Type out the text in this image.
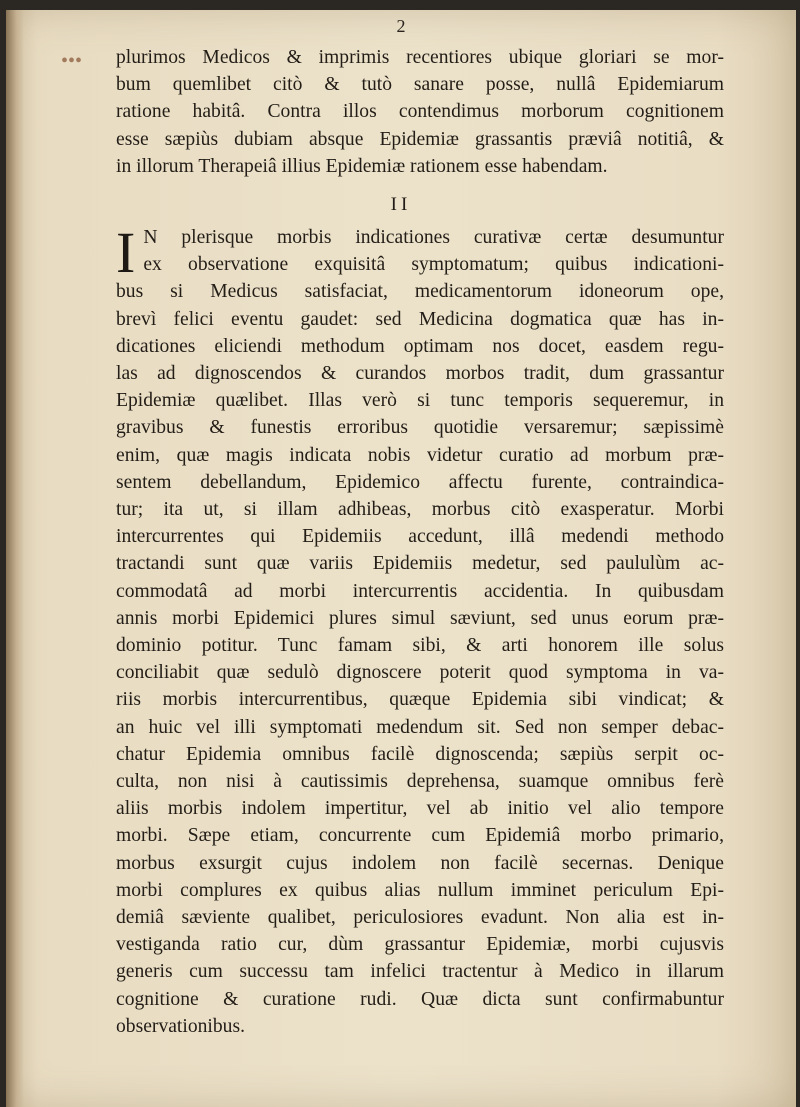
2
••• plurimos Medicos & imprimis recentiores ubique gloriari se mor-
bum quemlibet citò & tutò sanare posse, nullâ Epidemiarum
ratione habitâ. Contra illos contendimus morborum cognitionem
esse sæpiùs dubiam absque Epidemiæ grassantis præviâ notitiâ, &
in illorum Therapeiâ illius Epidemiæ rationem esse habendam.
II
I N plerisque morbis indicationes curativæ certæ desumuntur
ex observatione exquisitâ symptomatum; quibus indicationi-
bus si Medicus satisfaciat, medicamentorum idoneorum ope,
brevì felici eventu gaudet: sed Medicina dogmatica quæ has in-
dicationes eliciendi methodum optimam nos docet, easdem regu-
las ad dignoscendos & curandos morbos tradit, dum grassantur
Epidemiæ quælibet. Illas verò si tunc temporis sequeremur, in
gravibus & funestis erroribus quotidie versaremur; sæpissimè
enim, quæ magis indicata nobis videtur curatio ad morbum præ-
sentem debellandum, Epidemico affectu furente, contraindica-
tur; ita ut, si illam adhibeas, morbus citò exasperatur. Morbi
intercurrentes qui Epidemiis accedunt, illâ medendi methodo
tractandi sunt quæ variis Epidemiis medetur, sed paululùm ac-
commodatâ ad morbi intercurrentis accidentia. In quibusdam
annis morbi Epidemici plures simul sæviunt, sed unus eorum præ-
dominio potitur. Tunc famam sibi, & arti honorem ille solus
conciliabit quæ sedulò dignoscere poterit quod symptoma in va-
riis morbis intercurrentibus, quæque Epidemia sibi vindicat; &
an huic vel illi symptomati medendum sit. Sed non semper debac-
chatur Epidemia omnibus facilè dignoscenda; sæpiùs serpit oc-
culta, non nisi à cautissimis deprehensa, suamque omnibus ferè
aliis morbis indolem impertitur, vel ab initio vel alio tempore
morbi. Sæpe etiam, concurrente cum Epidemiâ morbo primario,
morbus exsurgit cujus indolem non facilè secernas. Denique
morbi complures ex quibus alias nullum imminet periculum Epi-
demiâ sæviente qualibet, periculosiores evadunt. Non alia est in-
vestiganda ratio cur, dùm grassantur Epidemiæ, morbi cujusvis
generis cum successu tam infelici tractentur à Medico in illarum
cognitione & curatione rudi. Quæ dicta sunt confirmabuntur
observationibus.
